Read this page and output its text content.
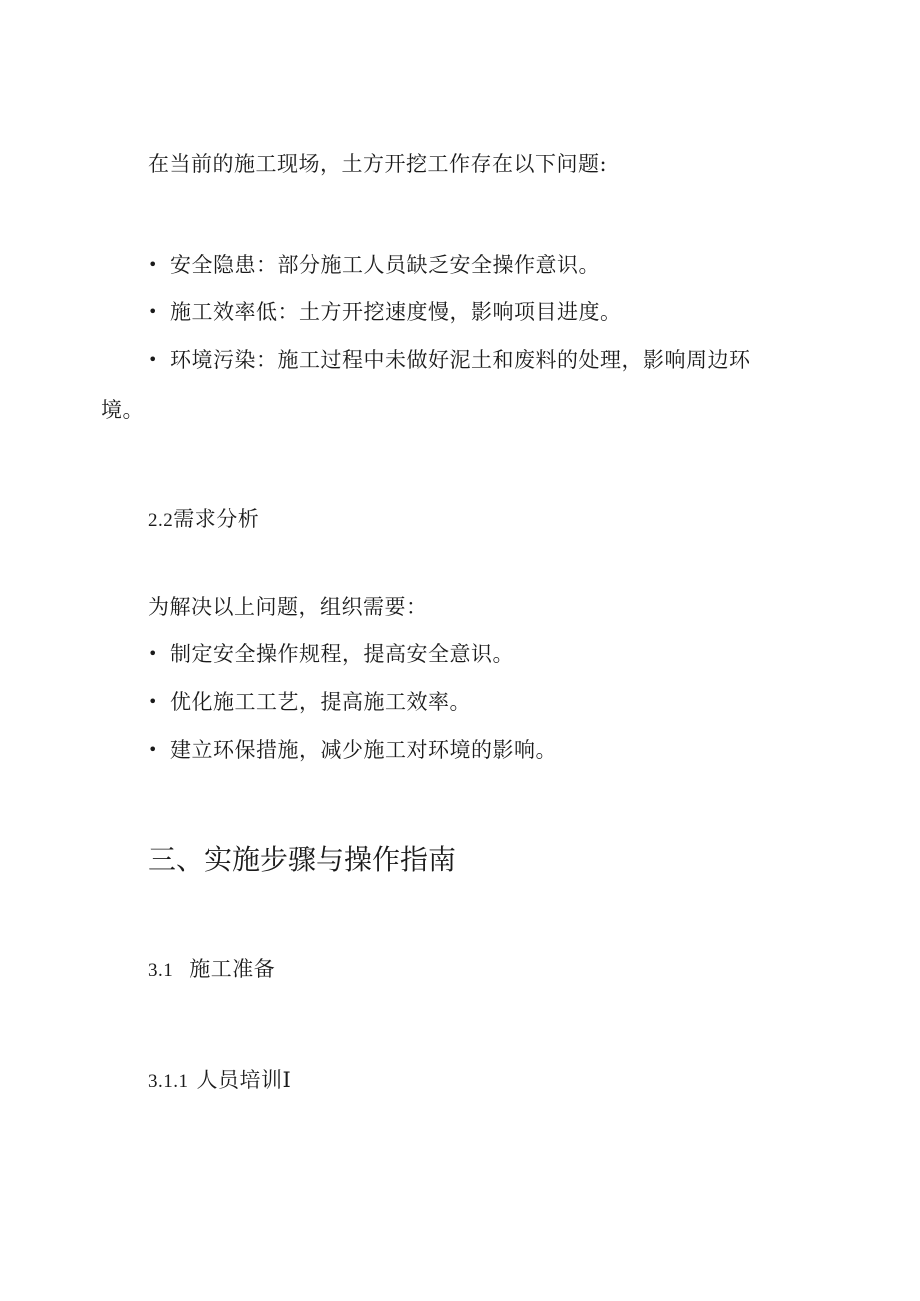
在当前的施工现场，土方开挖工作存在以下问题:
• 安全隐患：部分施工人员缺乏安全操作意识。
• 施工效率低：土方开挖速度慢，影响项目进度。
• 环境污染：施工过程中未做好泥土和废料的处理，影响周边环
境。
2.2需求分析
为解决以上问题，组织需要：
• 制定安全操作规程，提高安全意识。
• 优化施工工艺，提高施工效率。
• 建立环保措施，减少施工对环境的影响。
三、实施步骤与操作指南
3.1 施工准备
3.1.1 人员培训I
